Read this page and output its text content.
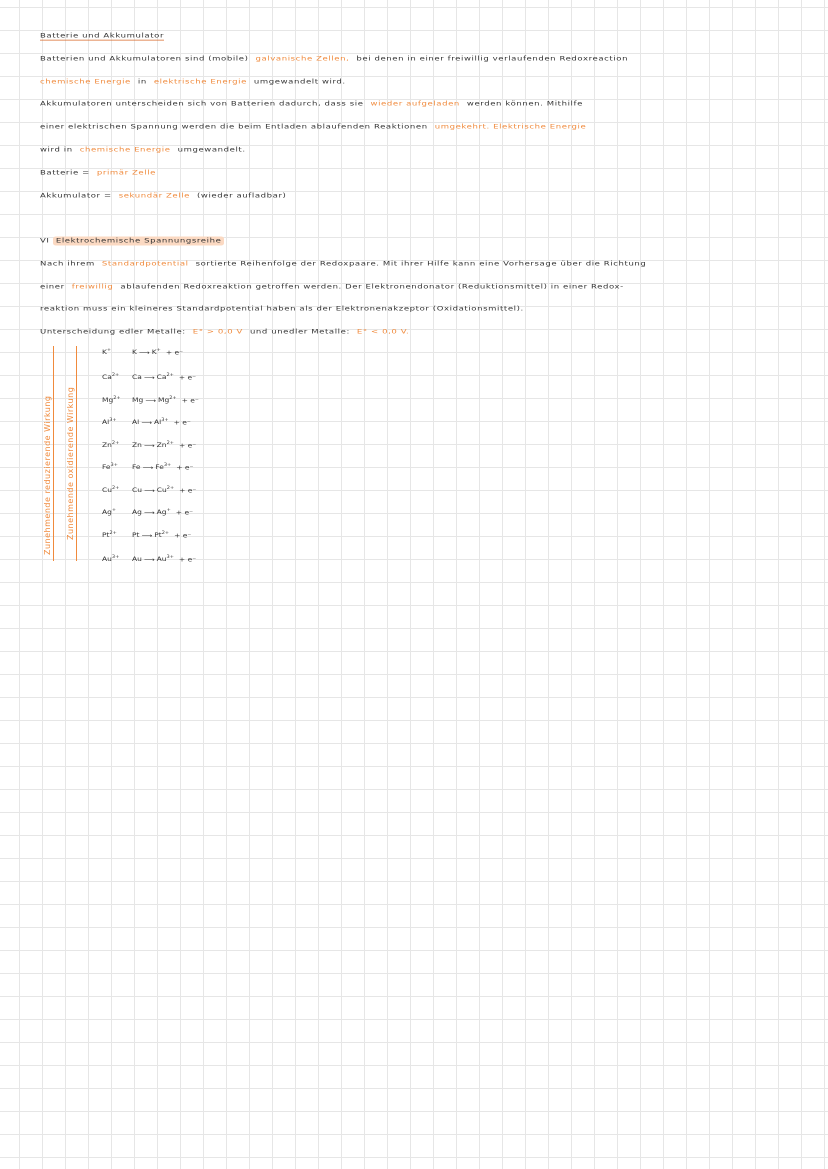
Batterie und Akkumulator
VI Elektrochemische Spannungsreihe
Zunehmende reduzierende Wirkung Zunehmende oxidierende Wirkung
Batterien und Akkumulatoren sind (mobile) galvanische Zellen, bei denen in einer freiwillig verlaufenden Redoxreaction
chemische Energie in elektrische Energie umgewandelt wird.
Akkumulatoren unterscheiden sich von Batterien dadurch, dass sie wieder aufgeladen werden können. Mithilfe
einer elektrischen Spannung werden die beim Entladen ablaufenden Reaktionen umgekehrt. Elektrische Energie
wird in chemische Energie umgewandelt.
Batterie = primär Zelle
Akkumulator = sekundär Zelle (wieder aufladbar)
Nach ihrem Standardpotential sortierte Reihenfolge der Redoxpaare. Mit ihrer Hilfe kann eine Vorhersage über die Richtung
einer freiwillig ablaufenden Redoxreaktion getroffen werden. Der Elektronendonator (Reduktionsmittel) in einer Redox-
reaktion muss ein kleineres Standardpotential haben als der Elektronenakzeptor (Oxidationsmittel).
Unterscheidung edler Metalle: E° > 0,0 V und unedler Metalle: E° < 0,0 V.
K+	K ⟶ K+ + e⁻
$Ca^{2+}$ Ca ⟶ $Ca^{2+} + e^-$
$Mg^{2+}$ Mg ⟶ $Mg^{2+} + e^-$
$Al^{3+}$ Al ⟶ $Al^{3+} + e^-$
$Zn^{2+}$ Zn ⟶ $Zn^{2+} + e^-$
$Fe^{3+}$ Fe ⟶ $Fe^{3+} + e^-$
$Cu^{2+}$ Cu ⟶ $Cu^{2+} + e^-$
Ag+ Ag ⟶ Ag+ + e⁻
$Pt^{2+}$ Pt ⟶ $Pt^{2+} + e^-$
$Au^{3+}$ Au ⟶ $Au^{3+} + e^-$
